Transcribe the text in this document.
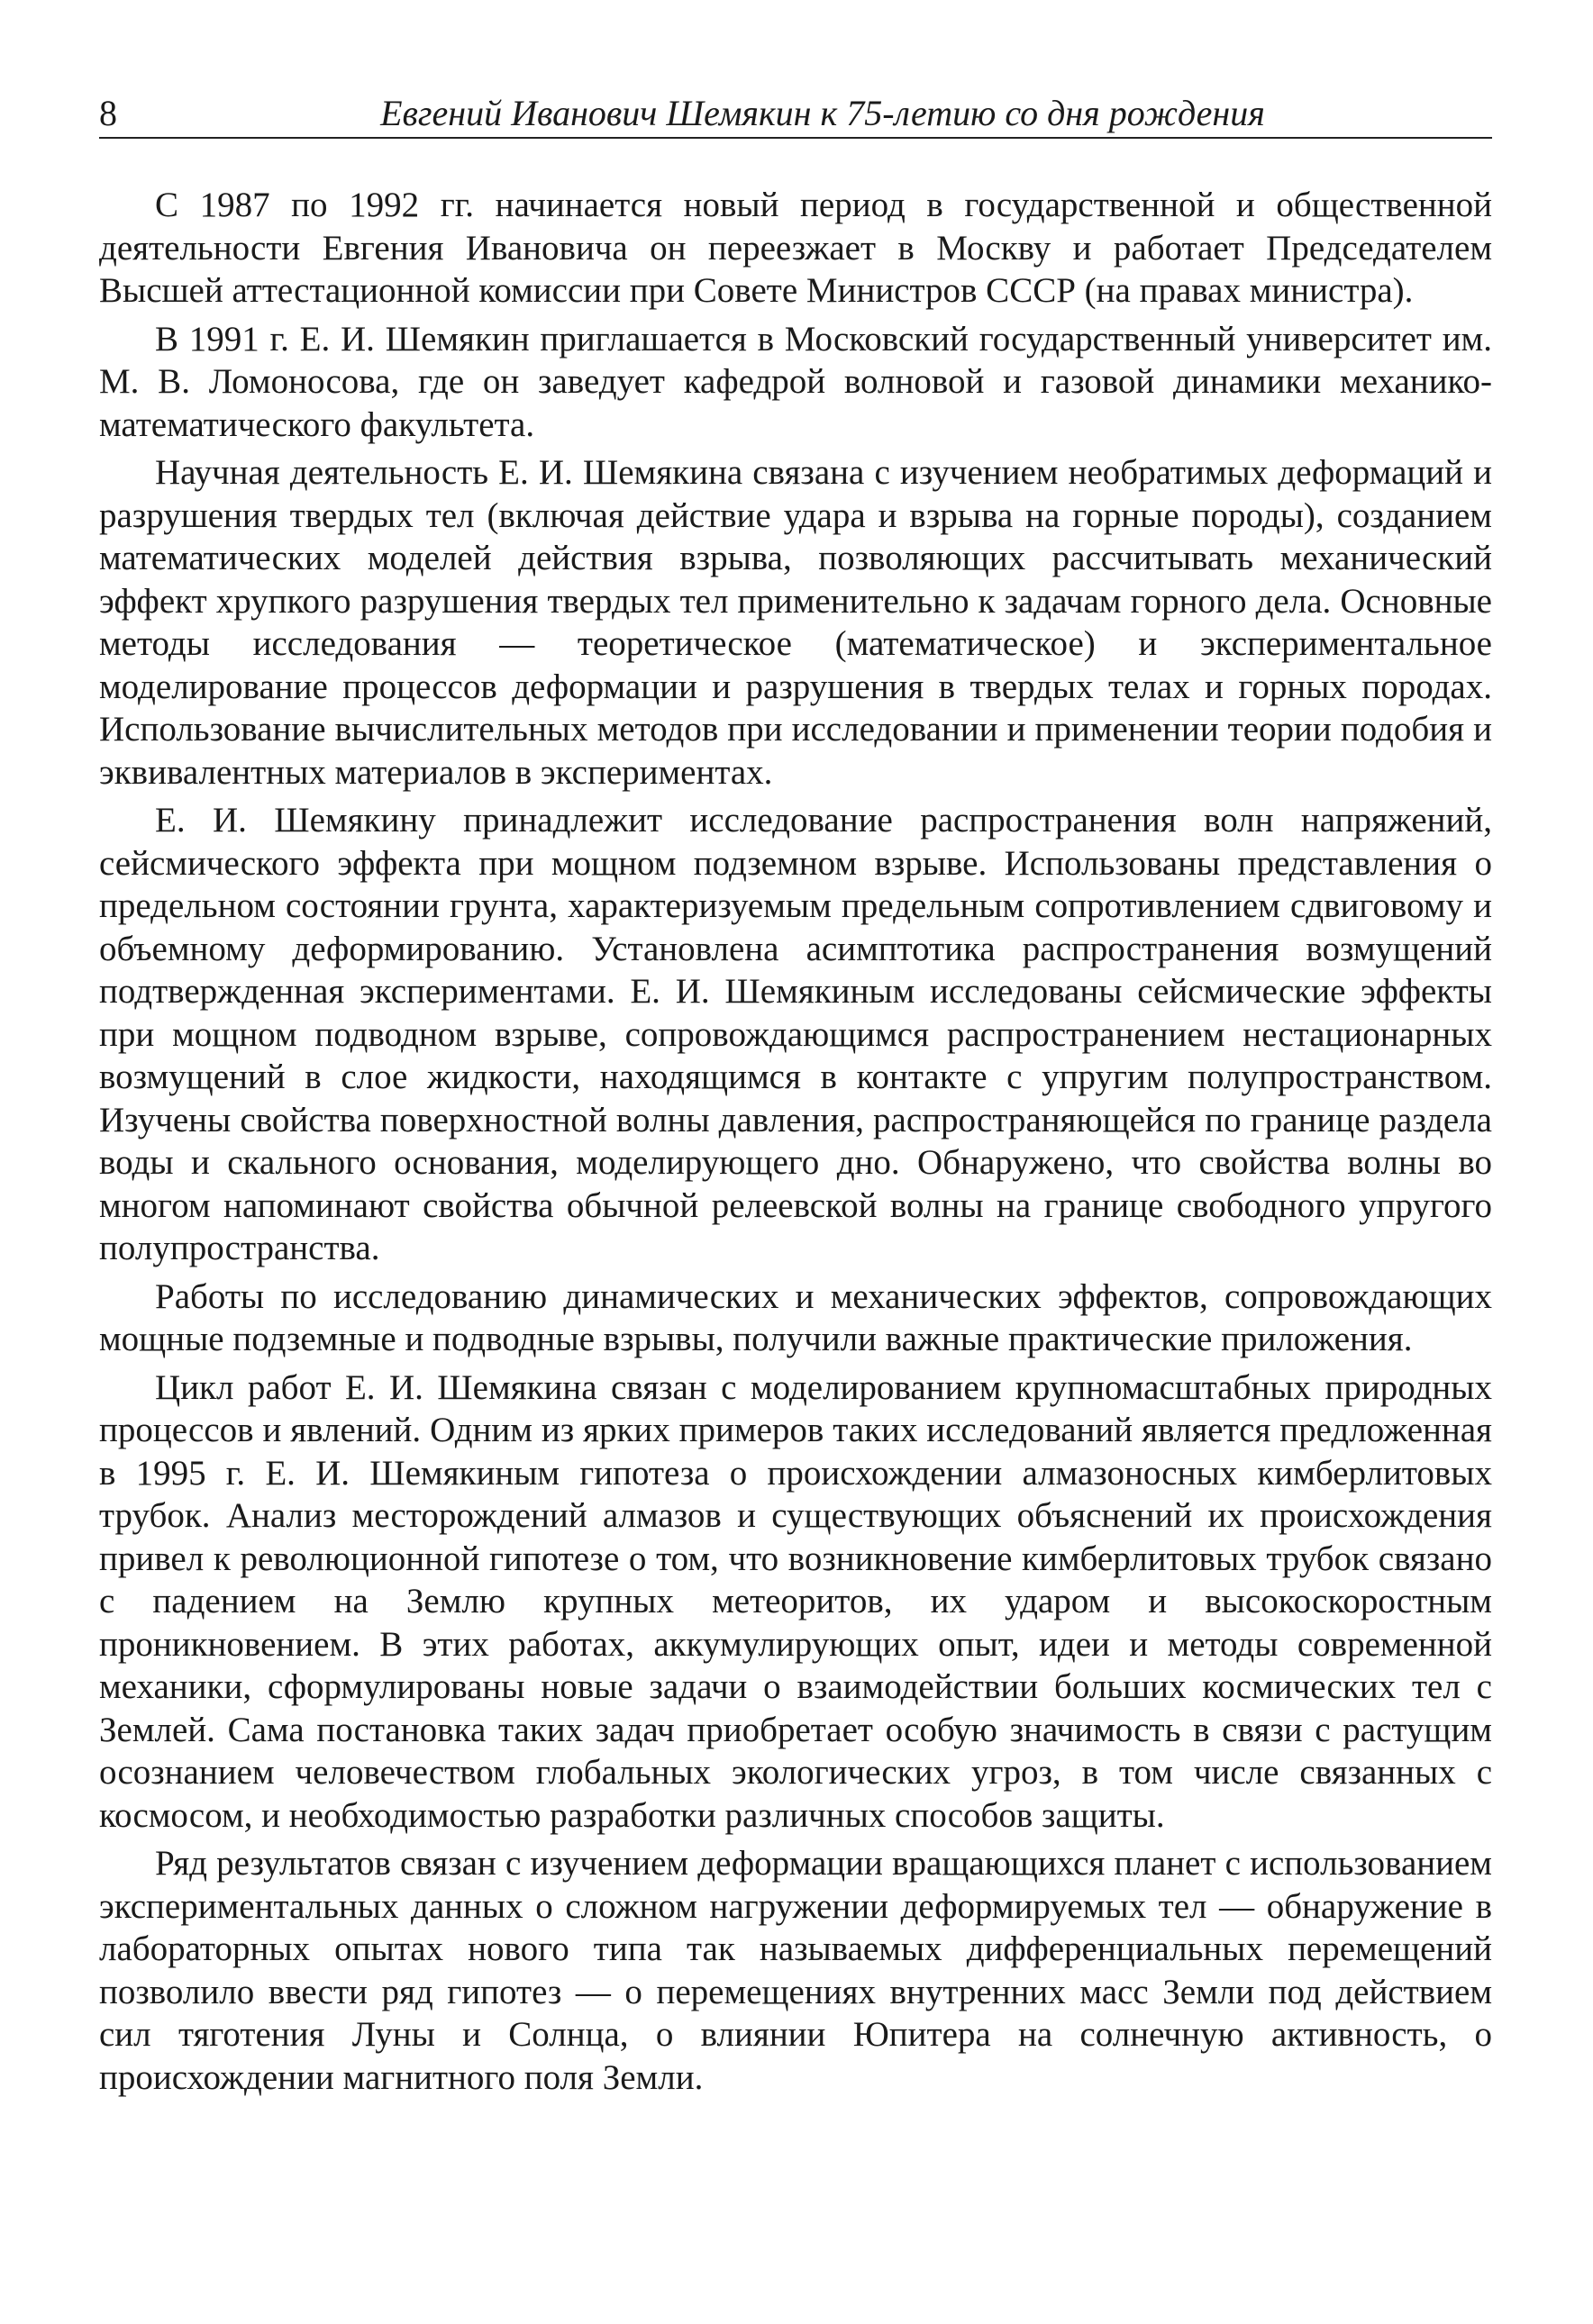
8	Евгений Иванович Шемякин к 75-летию со дня рождения

С 1987 по 1992 гг. начинается новый период в государственной и общественной деятельности Евгения Ивановича он переезжает в Москву и работает Председателем Высшей аттестационной комиссии при Совете Министров СССР (на правах министра).

В 1991 г. Е. И. Шемякин приглашается в Московский государственный университет им. М. В. Ломоносова, где он заведует кафедрой волновой и газовой динамики механико-математического факультета.

Научная деятельность Е. И. Шемякина связана с изучением необратимых деформаций и разрушения твердых тел (включая действие удара и взрыва на горные породы), созданием математических моделей действия взрыва, позволяющих рассчитывать механический эффект хрупкого разрушения твердых тел применительно к задачам горного дела. Основные методы исследования — теоретическое (математическое) и экспериментальное моделирование процессов деформации и разрушения в твердых телах и горных породах. Использование вычислительных методов при исследовании и применении теории подобия и эквивалентных материалов в экспериментах.

Е. И. Шемякину принадлежит исследование распространения волн напряжений, сейсмического эффекта при мощном подземном взрыве. Использованы представления о предельном состоянии грунта, характеризуемым предельным сопротивлением сдвиговому и объемному деформированию. Установлена асимптотика распространения возмущений подтвержденная экспериментами. Е. И. Шемякиным исследованы сейсмические эффекты при мощном подводном взрыве, сопровождающимся распространением нестационарных возмущений в слое жидкости, находящимся в контакте с упругим полупространством. Изучены свойства поверхностной волны давления, распространяющейся по границе раздела воды и скального основания, моделирующего дно. Обнаружено, что свойства волны во многом напоминают свойства обычной релеевской волны на границе свободного упругого полупространства.

Работы по исследованию динамических и механических эффектов, сопровождающих мощные подземные и подводные взрывы, получили важные практические приложения.

Цикл работ Е. И. Шемякина связан с моделированием крупномасштабных природных процессов и явлений. Одним из ярких примеров таких исследований является предложенная в 1995 г. Е. И. Шемякиным гипотеза о происхождении алмазоносных кимберлитовых трубок. Анализ месторождений алмазов и существующих объяснений их происхождения привел к революционной гипотезе о том, что возникновение кимберлитовых трубок связано с падением на Землю крупных метеоритов, их ударом и высокоскоростным проникновением. В этих работах, аккумулирующих опыт, идеи и методы современной механики, сформулированы новые задачи о взаимодействии больших космических тел с Землей. Сама постановка таких задач приобретает особую значимость в связи с растущим осознанием человечеством глобальных экологических угроз, в том числе связанных с космосом, и необходимостью разработки различных способов защиты.

Ряд результатов связан с изучением деформации вращающихся планет с использованием экспериментальных данных о сложном нагружении деформируемых тел — обнаружение в лабораторных опытах нового типа так называемых дифференциальных перемещений позволило ввести ряд гипотез — о перемещениях внутренних масс Земли под действием сил тяготения Луны и Солнца, о влиянии Юпитера на солнечную активность, о происхождении магнитного поля Земли.
